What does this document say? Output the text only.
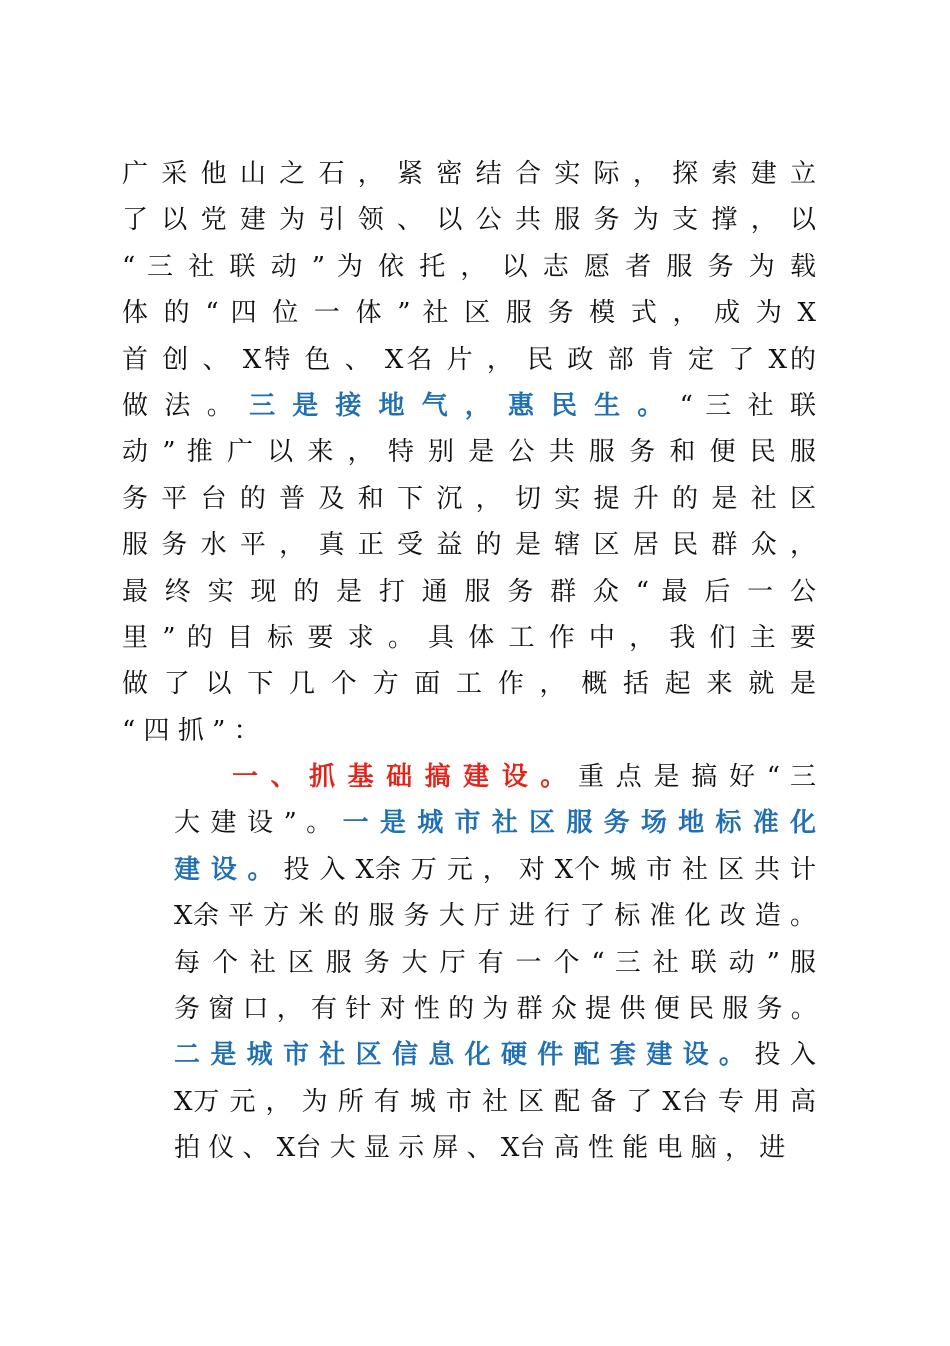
广 采 他 山 之 石 ， 紧 密 结 合 实 际 ， 探 索 建 立
了 以 党 建 为 引 领 、 以 公 共 服 务 为 支 撑 ， 以
“ 三 社 联 动 ” 为 依 托 ， 以 志 愿 者 服 务 为 载
体 的 “ 四 位 一 体 ” 社 区 服 务 模 式 ， 成 为 X
首 创 、 X特 色 、 X名 片 ， 民 政 部 肯 定 了 X的
做 法 。 三 是 接 地 气 ， 惠 民 生 。 “ 三 社 联
动 ” 推 广 以 来 ， 特 别 是 公 共 服 务 和 便 民 服
务 平 台 的 普 及 和 下 沉 ， 切 实 提 升 的 是 社 区
服 务 水 平 ， 真 正 受 益 的 是 辖 区 居 民 群 众 ，
最 终 实 现 的 是 打 通 服 务 群 众 “ 最 后 一 公
里 ” 的 目 标 要 求 。 具 体 工 作 中 ， 我 们 主 要
做 了 以 下 几 个 方 面 工 作 ， 概 括 起 来 就 是
“ 四 抓 ” ：
一 、 抓 基 础 搞 建 设 。 重 点 是 搞 好 “ 三
大 建 设 ” 。 一 是 城 市 社 区 服 务 场 地 标 准 化
建 设 。 投 入 X余 万 元 ， 对 X个 城 市 社 区 共 计
X余 平 方 米 的 服 务 大 厅 进 行 了 标 准 化 改 造 。
每 个 社 区 服 务 大 厅 有 一 个 “ 三 社 联 动 ” 服
务 窗 口 ， 有 针 对 性 的 为 群 众 提 供 便 民 服 务 。
二 是 城 市 社 区 信 息 化 硬 件 配 套 建 设 。 投 入
X万 元 ， 为 所 有 城 市 社 区 配 备 了 X台 专 用 高
拍 仪 、 X台 大 显 示 屏 、 X台 高 性 能 电 脑 ， 进
